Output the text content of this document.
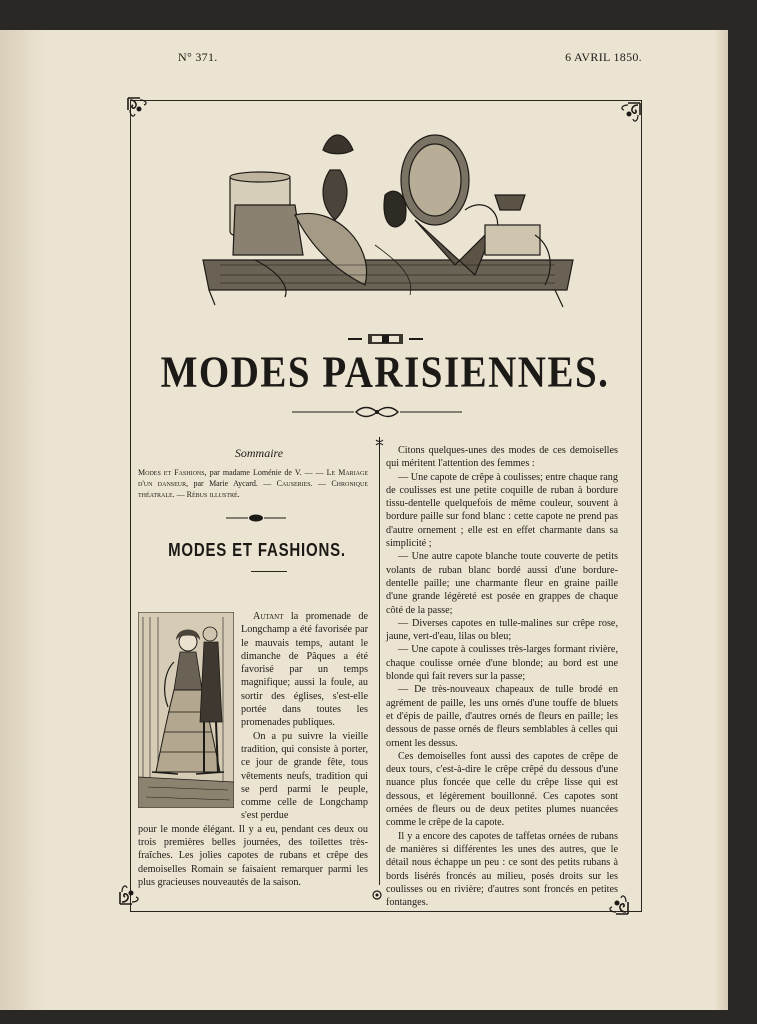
N° 371.	6 AVRIL 1850.
MODES PARISIENNES.
Sommaire

Modes et Fashions, par madame Loménie de V. — — Le Mariage d'un danseur, par Marie Aycard. — Causeries. — Chronique théatrale. — Rébus illustré.

MODES ET FASHIONS.

Autant la promenade de Longchamp a été favorisée par le mauvais temps, autant le dimanche de Pâques a été favorisé par un temps magnifique; aussi la foule, au sortir des églises, s'est-elle portée dans toutes les promenades publiques.
On a pu suivre la vieille tradition, qui consiste à porter, ce jour de grande fête, tous vêtements neufs, tradition qui se perd parmi le peuple, comme celle de Longchamp s'est perdue
pour le monde élégant. Il y a eu, pendant ces deux ou trois premières belles journées, des toilettes très-fraîches. Les jolies capotes de rubans et crêpe des demoiselles Romain se faisaient remarquer parmi les plus gracieuses nouveautés de la saison.

Citons quelques-unes des modes de ces demoiselles qui méritent l'attention des femmes :

— Une capote de crêpe à coulisses; entre chaque rang de coulisses est une petite coquille de ruban à bordure tissu-dentelle quelquefois de même couleur, souvent à bordure paille sur fond blanc : cette capote ne prend pas d'autre ornement ; elle est en effet charmante dans sa simplicité ;

— Une autre capote blanche toute couverte de petits volants de ruban blanc bordé aussi d'une bordure-dentelle paille; une charmante fleur en graine paille d'une grande légèreté est posée en grappes de chaque côté de la passe;

— Diverses capotes en tulle-malines sur crêpe rose, jaune, vert-d'eau, lilas ou bleu;

— Une capote à coulisses très-larges formant rivière, chaque coulisse ornée d'une blonde; au bord est une blonde qui fait revers sur la passe;

— De très-nouveaux chapeaux de tulle brodé en agrément de paille, les uns ornés d'une touffe de bluets et d'épis de paille, d'autres ornés de fleurs en paille; les dessous de passe ornés de fleurs semblables à celles qui ornent les dessus.

Ces demoiselles font aussi des capotes de crêpe de deux tours, c'est-à-dire le crêpe crêpé du dessous d'une nuance plus foncée que celle du crêpe lisse qui est dessous, et légèrement bouillonné. Ces capotes sont ornées de fleurs ou de deux petites plumes nuancées comme le crêpe de la capote.

Il y a encore des capotes de taffetas ornées de rubans de manières si différentes les unes des autres, que le détail nous échappe un peu : ce sont des petits rubans à bords lisérés froncés au milieu, posés droits sur les coulisses ou en rivière; d'autres sont froncés en petites fontanges.
